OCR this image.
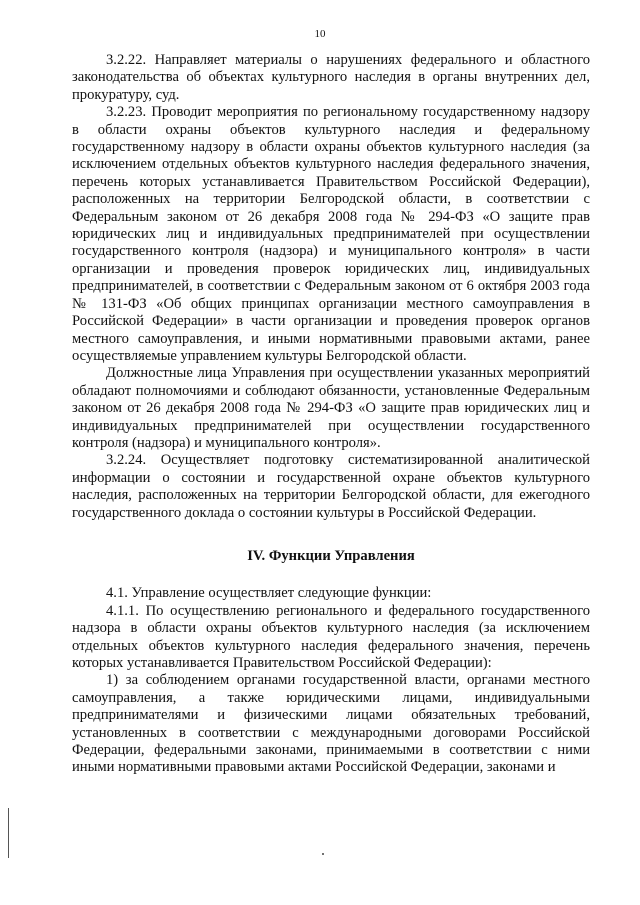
10

3.2.22. Направляет материалы о нарушениях федерального и областного законодательства об объектах культурного наследия в органы внутренних дел, прокуратуру, суд.

3.2.23. Проводит мероприятия по региональному государственному надзору в области охраны объектов культурного наследия и федеральному государственному надзору в области охраны объектов культурного наследия (за исключением отдельных объектов культурного наследия федерального значения, перечень которых устанавливается Правительством Российской Федерации), расположенных на территории Белгородской области, в соответствии с Федеральным законом от 26 декабря 2008 года № 294-ФЗ «О защите прав юридических лиц и индивидуальных предпринимателей при осуществлении государственного контроля (надзора) и муниципального контроля» в части организации и проведения проверок юридических лиц, индивидуальных предпринимателей, в соответствии с Федеральным законом от 6 октября 2003 года № 131-ФЗ «Об общих принципах организации местного самоуправления в Российской Федерации» в части организации и проведения проверок органов местного самоуправления, и иными нормативными правовыми актами, ранее осуществляемые управлением культуры Белгородской области.

Должностные лица Управления при осуществлении указанных мероприятий обладают полномочиями и соблюдают обязанности, установленные Федеральным законом от 26 декабря 2008 года № 294-ФЗ «О защите прав юридических лиц и индивидуальных предпринимателей при осуществлении государственного контроля (надзора) и муниципального контроля».

3.2.24. Осуществляет подготовку систематизированной аналитической информации о состоянии и государственной охране объектов культурного наследия, расположенных на территории Белгородской области, для ежегодного государственного доклада о состоянии культуры в Российской Федерации.

IV. Функции Управления

4.1. Управление осуществляет следующие функции:

4.1.1. По осуществлению регионального и федерального государственного надзора в области охраны объектов культурного наследия (за исключением отдельных объектов культурного наследия федерального значения, перечень которых устанавливается Правительством Российской Федерации):

1) за соблюдением органами государственной власти, органами местного самоуправления, а также юридическими лицами, индивидуальными предпринимателями и физическими лицами обязательных требований, установленных в соответствии с международными договорами Российской Федерации, федеральными законами, принимаемыми в соответствии с ними иными нормативными правовыми актами Российской Федерации, законами и
